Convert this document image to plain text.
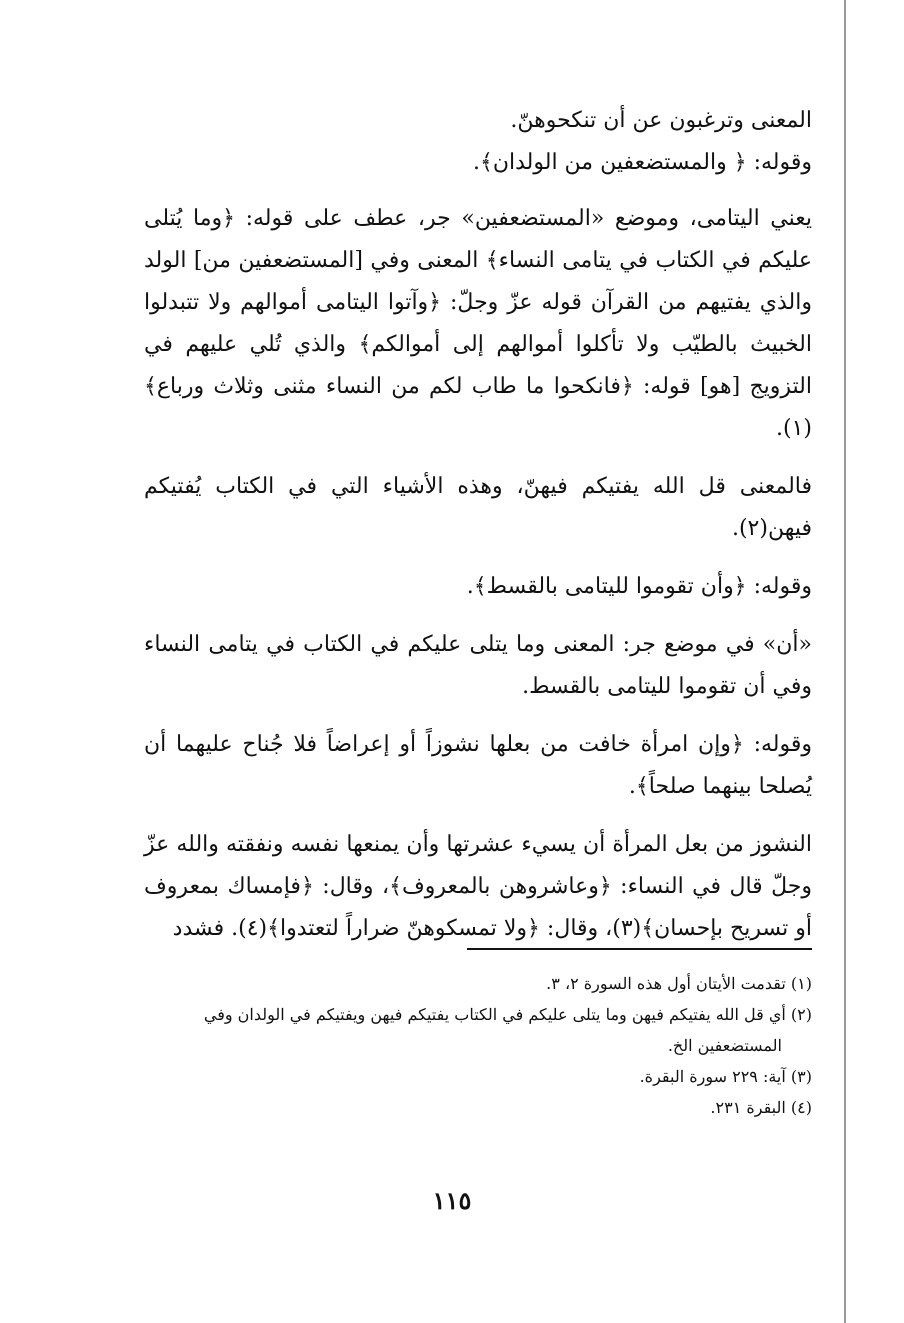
المعنى وترغبون عن أن تنكحوهنّ.

وقوله: ﴿ والمستضعفين من الولدان﴾.

يعني اليتامى، وموضع «المستضعفين» جر، عطف على قوله: ﴿وما يُتلى عليكم في الكتاب في يتامى النساء﴾ المعنى وفي [المستضعفين من] الولد والذي يفتيهم من القرآن قوله عزّ وجلّ: ﴿وآتوا اليتامى أموالهم ولا تتبدلوا الخبيث بالطيّب ولا تأكلوا أموالهم إلى أموالكم﴾ والذي تُلي عليهم في التزويج [هو] قوله: ﴿فانكحوا ما طاب لكم من النساء مثنى وثلاث ورباع﴾(١).

فالمعنى قل الله يفتيكم فيهنّ، وهذه الأشياء التي في الكتاب يُفتيكم فيهن(٢).

وقوله: ﴿وأن تقوموا لليتامى بالقسط﴾.

«أن» في موضع جر: المعنى وما يتلى عليكم في الكتاب في يتامى النساء وفي أن تقوموا لليتامى بالقسط.

وقوله: ﴿وإن امرأة خافت من بعلها نشوزاً أو إعراضاً فلا جُناح عليهما أن يُصلحا بينهما صلحاً﴾.

النشوز من بعل المرأة أن يسيء عشرتها وأن يمنعها نفسه ونفقته والله عزّ وجلّ قال في النساء: ﴿وعاشروهن بالمعروف﴾، وقال: ﴿فإمساك بمعروف أو تسريح بإحسان﴾(٣)، وقال: ﴿ولا تمسكوهنّ ضراراً لتعتدوا﴾(٤). فشدد

(١) تقدمت الأيتان أول هذه السورة ٢، ٣.

(٢) أي قل الله يفتيكم فيهن وما يتلى عليكم في الكتاب يفتيكم فيهن ويفتيكم في الولدان وفي

المستضعفين الخ.

(٣) آية: ٢٢٩ سورة البقرة.

(٤) البقرة ٢٣١.

١١٥
